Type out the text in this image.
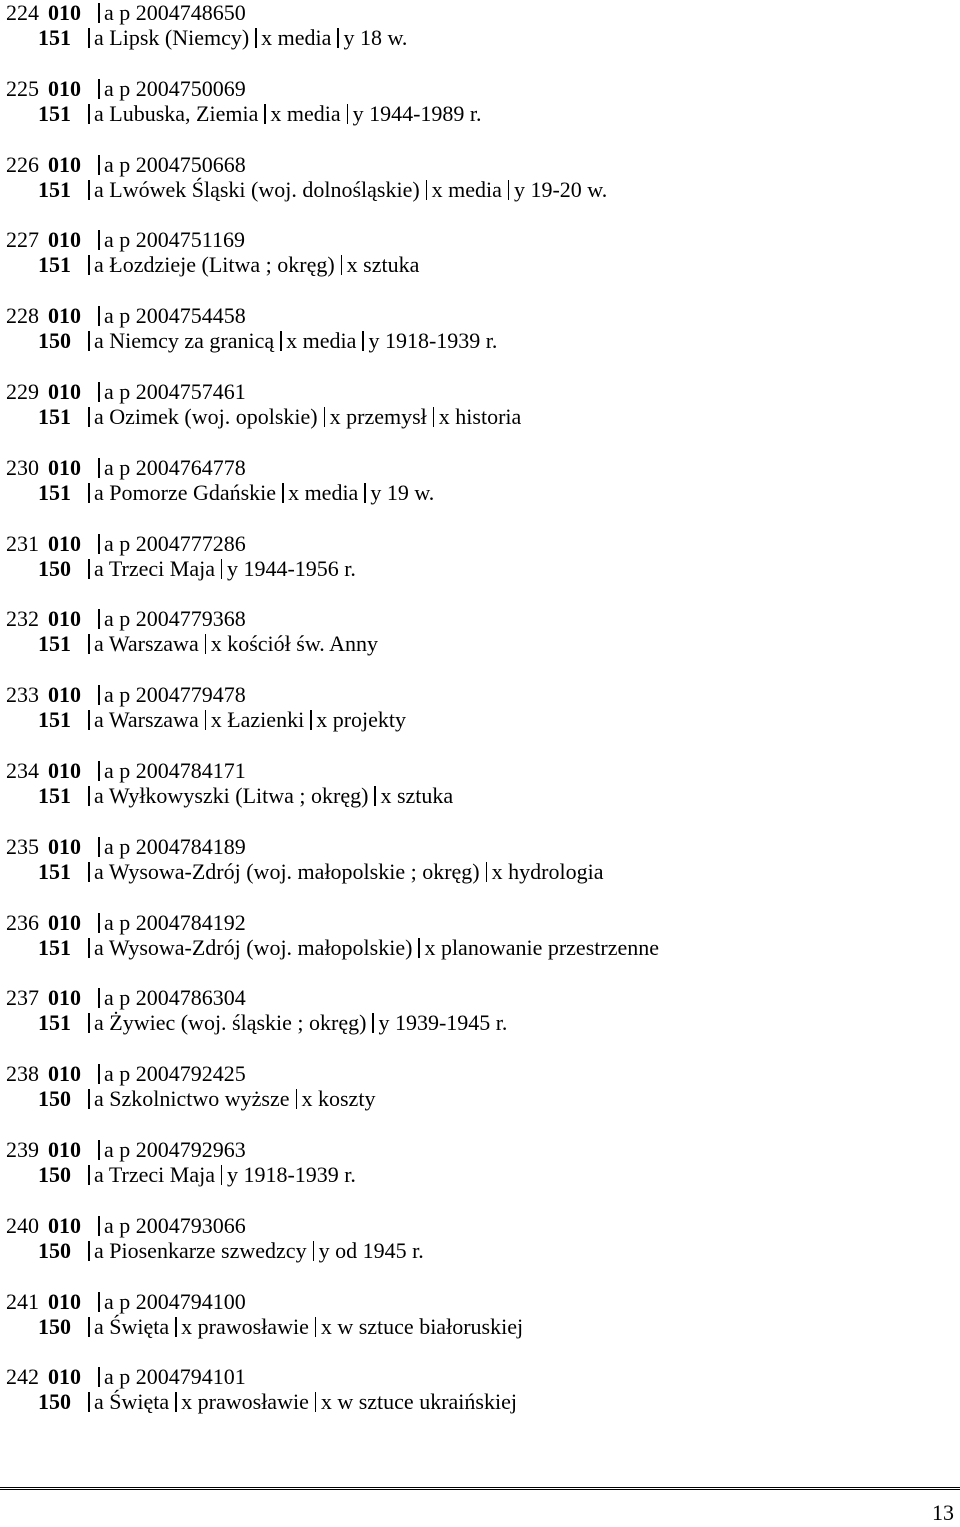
224 010 a p 2004748650
151 a Lipsk (Niemcy) x media y 18 w.
225 010 a p 2004750069
151 a Lubuska, Ziemia x media y 1944-1989 r.
226 010 a p 2004750668
151 a Lwówek Śląski (woj. dolnośląskie) x media y 19-20 w.
227 010 a p 2004751169
151 a Łozdzieje (Litwa ; okręg) x sztuka
228 010 a p 2004754458
150 a Niemcy za granicą x media y 1918-1939 r.
229 010 a p 2004757461
151 a Ozimek (woj. opolskie) x przemysł x historia
230 010 a p 2004764778
151 a Pomorze Gdańskie x media y 19 w.
231 010 a p 2004777286
150 a Trzeci Maja y 1944-1956 r.
232 010 a p 2004779368
151 a Warszawa x kościół św. Anny
233 010 a p 2004779478
151 a Warszawa x Łazienki x projekty
234 010 a p 2004784171
151 a Wyłkowyszki (Litwa ; okręg) x sztuka
235 010 a p 2004784189
151 a Wysowa-Zdrój (woj. małopolskie ; okręg) x hydrologia
236 010 a p 2004784192
151 a Wysowa-Zdrój (woj. małopolskie) x planowanie przestrzenne
237 010 a p 2004786304
151 a Żywiec (woj. śląskie ; okręg) y 1939-1945 r.
238 010 a p 2004792425
150 a Szkolnictwo wyższe x koszty
239 010 a p 2004792963
150 a Trzeci Maja y 1918-1939 r.
240 010 a p 2004793066
150 a Piosenkarze szwedzcy y od 1945 r.
241 010 a p 2004794100
150 a Święta x prawosławie x w sztuce białoruskiej
242 010 a p 2004794101
150 a Święta x prawosławie x w sztuce ukraińskiej
13
